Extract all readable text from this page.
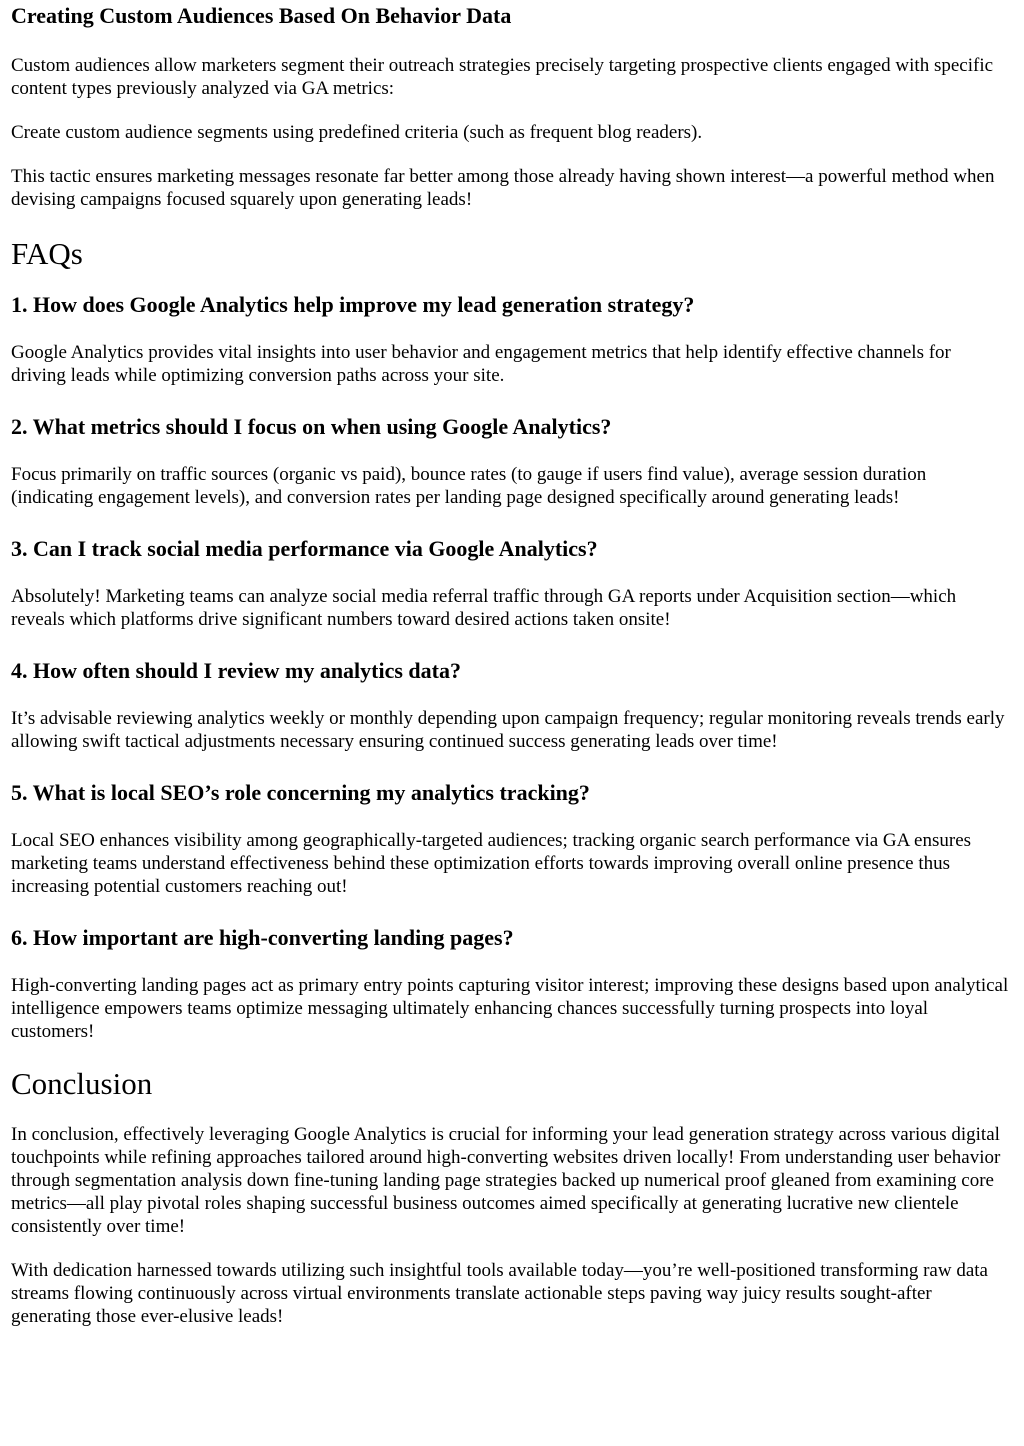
Creating Custom Audiences Based On Behavior Data

Custom audiences allow marketers segment their outreach strategies precisely targeting prospective clients engaged with specific content types previously analyzed via GA metrics:

Create custom audience segments using predefined criteria (such as frequent blog readers).

This tactic ensures marketing messages resonate far better among those already having shown interest—a powerful method when devising campaigns focused squarely upon generating leads!

FAQs
1. How does Google Analytics help improve my lead generation strategy?

Google Analytics provides vital insights into user behavior and engagement metrics that help identify effective channels for driving leads while optimizing conversion paths across your site.

2. What metrics should I focus on when using Google Analytics?

Focus primarily on traffic sources (organic vs paid), bounce rates (to gauge if users find value), average session duration (indicating engagement levels), and conversion rates per landing page designed specifically around generating leads!

3. Can I track social media performance via Google Analytics?

Absolutely! Marketing teams can analyze social media referral traffic through GA reports under Acquisition section—which reveals which platforms drive significant numbers toward desired actions taken onsite!

4. How often should I review my analytics data?

It’s advisable reviewing analytics weekly or monthly depending upon campaign frequency; regular monitoring reveals trends early allowing swift tactical adjustments necessary ensuring continued success generating leads over time!

5. What is local SEO’s role concerning my analytics tracking?

Local SEO enhances visibility among geographically-targeted audiences; tracking organic search performance via GA ensures marketing teams understand effectiveness behind these optimization efforts towards improving overall online presence thus increasing potential customers reaching out!

6. How important are high-converting landing pages?

High-converting landing pages act as primary entry points capturing visitor interest; improving these designs based upon analytical intelligence empowers teams optimize messaging ultimately enhancing chances successfully turning prospects into loyal customers!

Conclusion

In conclusion, effectively leveraging Google Analytics is crucial for informing your lead generation strategy across various digital touchpoints while refining approaches tailored around high-converting websites driven locally! From understanding user behavior through segmentation analysis down fine-tuning landing page strategies backed up numerical proof gleaned from examining core metrics—all play pivotal roles shaping successful business outcomes aimed specifically at generating lucrative new clientele consistently over time!

With dedication harnessed towards utilizing such insightful tools available today—you’re well-positioned transforming raw data streams flowing continuously across virtual environments translate actionable steps paving way juicy results sought-after generating those ever-elusive leads!
